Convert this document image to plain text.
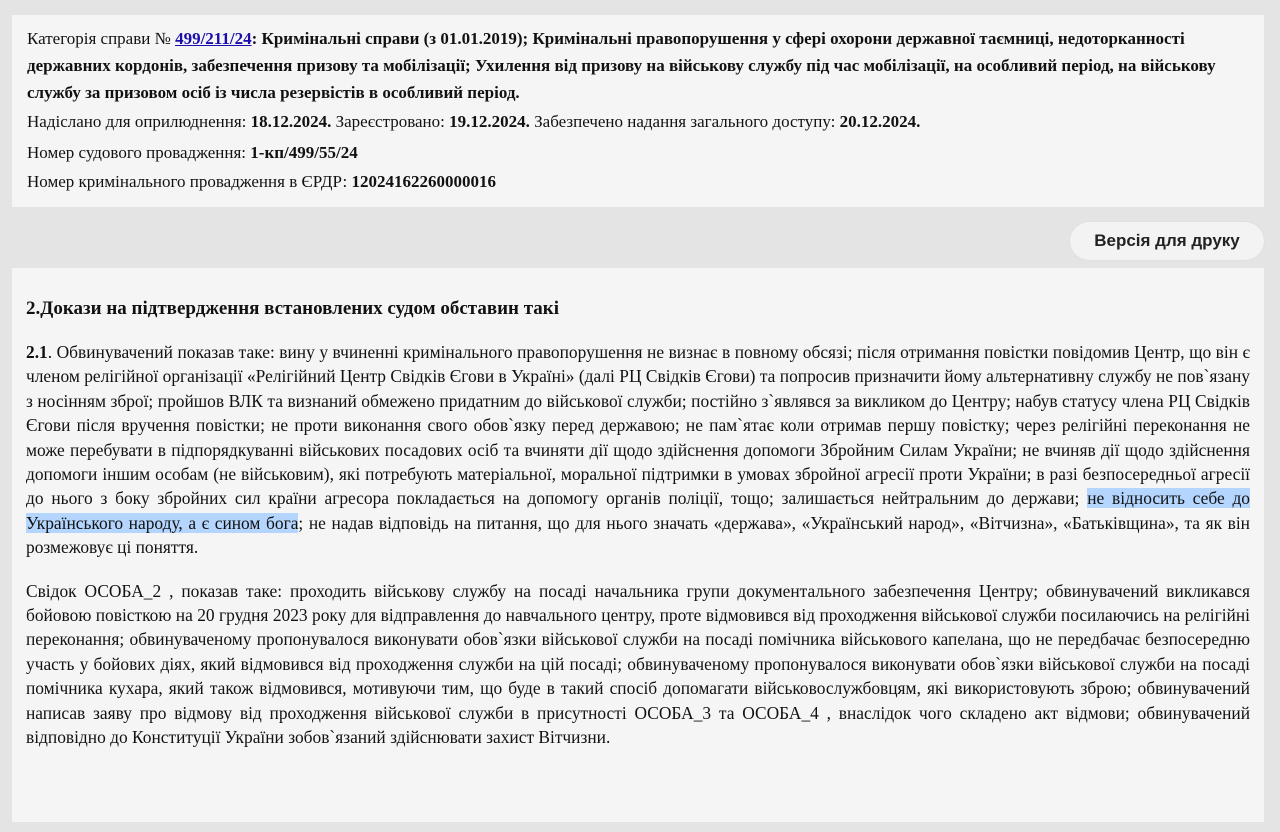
Категорія справи № 499/211/24: Кримінальні справи (з 01.01.2019); Кримінальні правопорушення у сфері охорони державної таємниці, недоторканності державних кордонів, забезпечення призову та мобілізації; Ухилення від призову на військову службу під час мобілізації, на особливий період, на військову службу за призовом осіб із числа резервістів в особливий період.

Надіслано для оприлюднення: 18.12.2024. Зареєстровано: 19.12.2024. Забезпечено надання загального доступу: 20.12.2024.

Номер судового провадження: 1-кп/499/55/24

Номер кримінального провадження в ЄРДР: 12024162260000016

Версія для друку
2.Докази на підтвердження встановлених судом обставин такі

2.1. Обвинувачений показав таке: вину у вчиненні кримінального правопорушення не визнає в повному обсязі; після отримання повістки повідомив Центр, що він є членом релігійної організації «Релігійний Центр Свідків Єгови в Україні» (далі РЦ Свідків Єгови) та попросив призначити йому альтернативну службу не пов`язану з носінням зброї; пройшов ВЛК та визнаний обмежено придатним до військової служби; постійно з`являвся за викликом до Центру; набув статусу члена РЦ Свідків Єгови після вручення повістки; не проти виконання свого обов`язку перед державою; не пам`ятає коли отримав першу повістку; через релігійні переконання не може перебувати в підпорядкуванні військових посадових осіб та вчиняти дії щодо здійснення допомоги Збройним Силам України; не вчиняв дії щодо здійснення допомоги іншим особам (не військовим), які потребують матеріальної, моральної підтримки в умовах збройної агресії проти України; в разі безпосередньої агресії до нього з боку збройних сил країни агресора покладається на допомогу органів поліції, тощо; залишається нейтральним до держави; не відносить себе до Українського народу, а є сином бога; не надав відповідь на питання, що для нього значать «держава», «Український народ», «Вітчизна», «Батьківщина», та як він розмежовує ці поняття.

Свідок ОСОБА_2 , показав таке: проходить військову службу на посаді начальника групи документального забезпечення Центру; обвинувачений викликався бойовою повісткою на 20 грудня 2023 року для відправлення до навчального центру, проте відмовився від проходження військової служби посилаючись на релігійні переконання; обвинуваченому пропонувалося виконувати обов`язки військової служби на посаді помічника військового капелана, що не передбачає безпосередню участь у бойових діях, який відмовився від проходження служби на цій посаді; обвинуваченому пропонувалося виконувати обов`язки військової служби на посаді помічника кухара, який також відмовився, мотивуючи тим, що буде в такий спосіб допомагати військовослужбовцям, які використовують зброю; обвинувачений написав заяву про відмову від проходження військової служби в присутності ОСОБА_3 та ОСОБА_4 , внаслідок чого складено акт відмови; обвинувачений відповідно до Конституції України зобов`язаний здійснювати захист Вітчизни.
